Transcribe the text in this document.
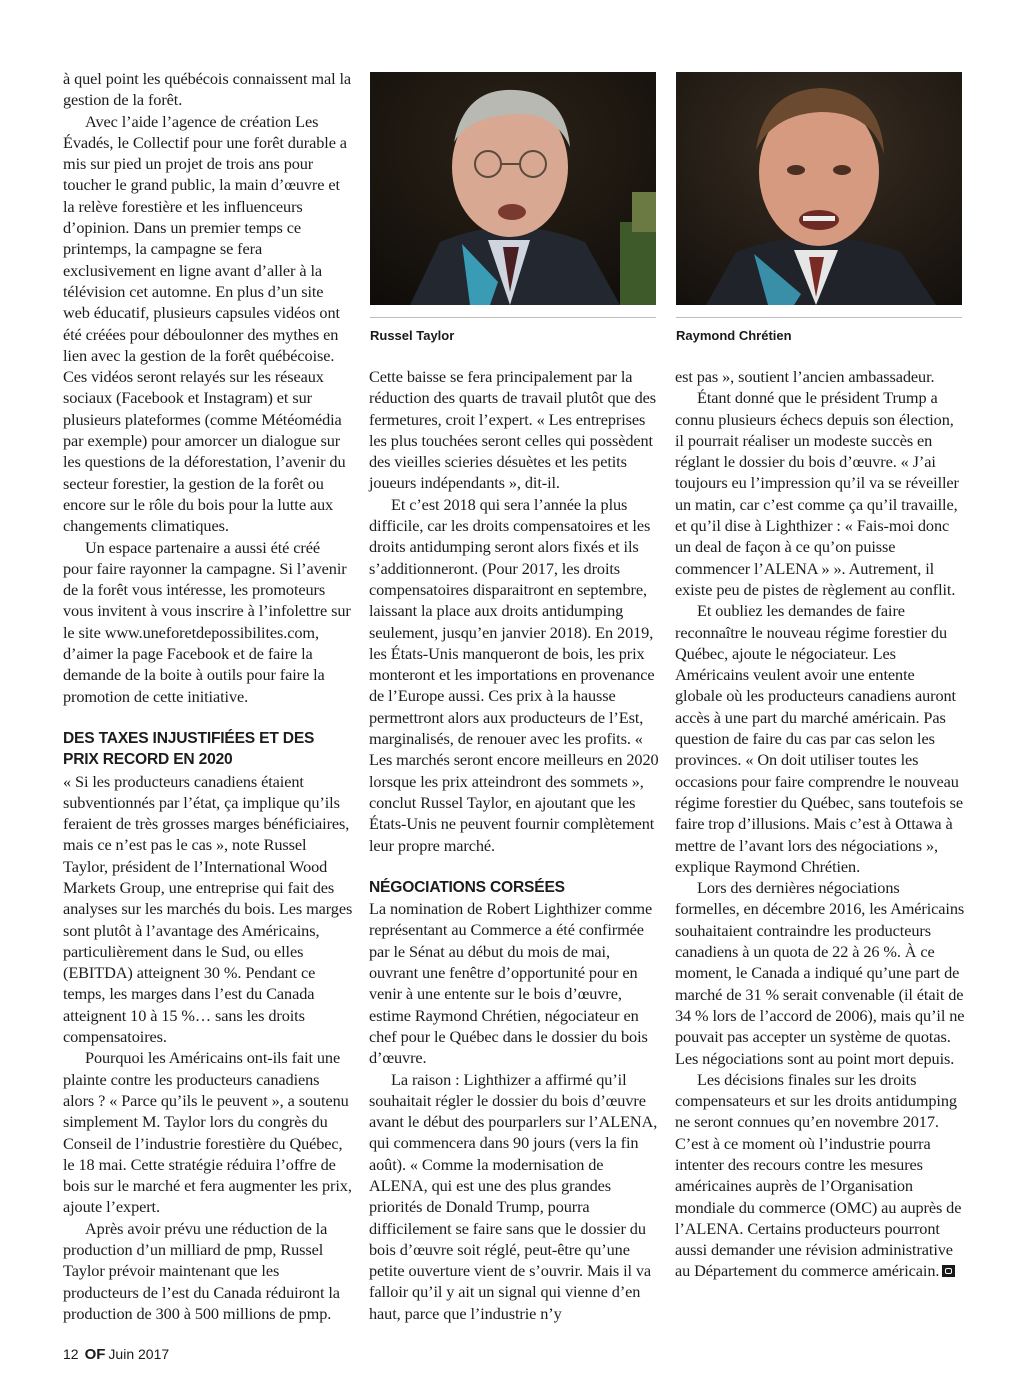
Russel Taylor	Raymond Chrétien

à quel point les québécois connaissent mal la gestion de la forêt.

Avec l’aide l’agence de création Les Évadés, le Collectif pour une forêt durable a mis sur pied un projet de trois ans pour toucher le grand public, la main d’œuvre et la relève forestière et les influenceurs d’opinion. Dans un premier temps ce printemps, la campagne se fera exclusivement en ligne avant d’aller à la télévision cet automne. En plus d’un site web éducatif, plusieurs capsules vidéos ont été créées pour déboulonner des mythes en lien avec la gestion de la forêt québécoise. Ces vidéos seront relayés sur les réseaux sociaux (Facebook et Instagram) et sur plusieurs plateformes (comme Météomédia par exemple) pour amorcer un dialogue sur les questions de la déforestation, l’avenir du secteur forestier, la gestion de la forêt ou encore sur le rôle du bois pour la lutte aux changements climatiques.

Un espace partenaire a aussi été créé pour faire rayonner la campagne. Si l’avenir de la forêt vous intéresse, les promoteurs vous invitent à vous inscrire à l’infolettre sur le site www.uneforetdepossibilites.com, d’aimer la page Facebook et de faire la demande de la boite à outils pour faire la promotion de cette initiative.

DES TAXES INJUSTIFIÉES ET DES PRIX RECORD EN 2020

« Si les producteurs canadiens étaient subventionnés par l’état, ça implique qu’ils feraient de très grosses marges bénéficiaires, mais ce n’est pas le cas », note Russel Taylor, président de l’International Wood Markets Group, une entreprise qui fait des analyses sur les marchés du bois. Les marges sont plutôt à l’avantage des Américains, particulièrement dans le Sud, ou elles (EBITDA) atteignent 30 %. Pendant ce temps, les marges dans l’est du Canada atteignent 10 à 15 %… sans les droits compensatoires.

Pourquoi les Américains ont-ils fait une plainte contre les producteurs canadiens alors ? « Parce qu’ils le peuvent », a soutenu simplement M. Taylor lors du congrès du Conseil de l’industrie forestière du Québec, le 18 mai. Cette stratégie réduira l’offre de bois sur le marché et fera augmenter les prix, ajoute l’expert.

Après avoir prévu une réduction de la production d’un milliard de pmp, Russel Taylor prévoir maintenant que les producteurs de l’est du Canada réduiront la production de 300 à 500 millions de pmp.

Cette baisse se fera principalement par la réduction des quarts de travail plutôt que des fermetures, croit l’expert. « Les entreprises les plus touchées seront celles qui possèdent des vieilles scieries désuètes et les petits joueurs indépendants », dit-il.

Et c’est 2018 qui sera l’année la plus difficile, car les droits compensatoires et les droits antidumping seront alors fixés et ils s’additionneront. (Pour 2017, les droits compensatoires disparaitront en septembre, laissant la place aux droits antidumping seulement, jusqu’en janvier 2018). En 2019, les États-Unis manqueront de bois, les prix monteront et les importations en provenance de l’Europe aussi. Ces prix à la hausse permettront alors aux producteurs de l’Est, marginalisés, de renouer avec les profits. « Les marchés seront encore meilleurs en 2020 lorsque les prix atteindront des sommets », conclut Russel Taylor, en ajoutant que les États-Unis ne peuvent fournir complètement leur propre marché.

NÉGOCIATIONS CORSÉES

La nomination de Robert Lighthizer comme représentant au Commerce a été confirmée par le Sénat au début du mois de mai, ouvrant une fenêtre d’opportunité pour en venir à une entente sur le bois d’œuvre, estime Raymond Chrétien, négociateur en chef pour le Québec dans le dossier du bois d’œuvre.

La raison : Lighthizer a affirmé qu’il souhaitait régler le dossier du bois d’œuvre avant le début des pourparlers sur l’ALENA, qui commencera dans 90 jours (vers la fin août). « Comme la modernisation de ALENA, qui est une des plus grandes priorités de Donald Trump, pourra difficilement se faire sans que le dossier du bois d’œuvre soit réglé, peut-être qu’une petite ouverture vient de s’ouvrir. Mais il va falloir qu’il y ait un signal qui vienne d’en haut, parce que l’industrie n’y

est pas », soutient l’ancien ambassadeur.

Étant donné que le président Trump a connu plusieurs échecs depuis son élection, il pourrait réaliser un modeste succès en réglant le dossier du bois d’œuvre. « J’ai toujours eu l’impression qu’il va se réveiller un matin, car c’est comme ça qu’il travaille, et qu’il dise à Lighthizer : « Fais-moi donc un deal de façon à ce qu’on puisse commencer l’ALENA » ». Autrement, il existe peu de pistes de règlement au conflit.

Et oubliez les demandes de faire reconnaître le nouveau régime forestier du Québec, ajoute le négociateur. Les Américains veulent avoir une entente globale où les producteurs canadiens auront accès à une part du marché américain. Pas question de faire du cas par cas selon les provinces. « On doit utiliser toutes les occasions pour faire comprendre le nouveau régime forestier du Québec, sans toutefois se faire trop d’illusions. Mais c’est à Ottawa à mettre de l’avant lors des négociations », explique Raymond Chrétien.

Lors des dernières négociations formelles, en décembre 2016, les Américains souhaitaient contraindre les producteurs canadiens à un quota de 22 à 26 %. À ce moment, le Canada a indiqué qu’une part de marché de 31 % serait convenable (il était de 34 % lors de l’accord de 2006), mais qu’il ne pouvait pas accepter un système de quotas. Les négociations sont au point mort depuis.

Les décisions finales sur les droits compensateurs et sur les droits antidumping ne seront connues qu’en novembre 2017. C’est à ce moment où l’industrie pourra intenter des recours contre les mesures américaines auprès de l’Organisation mondiale du commerce (OMC) au auprès de l’ALENA. Certains producteurs pourront aussi demander une révision administrative au Département du commerce américain.

12 OF Juin 2017
